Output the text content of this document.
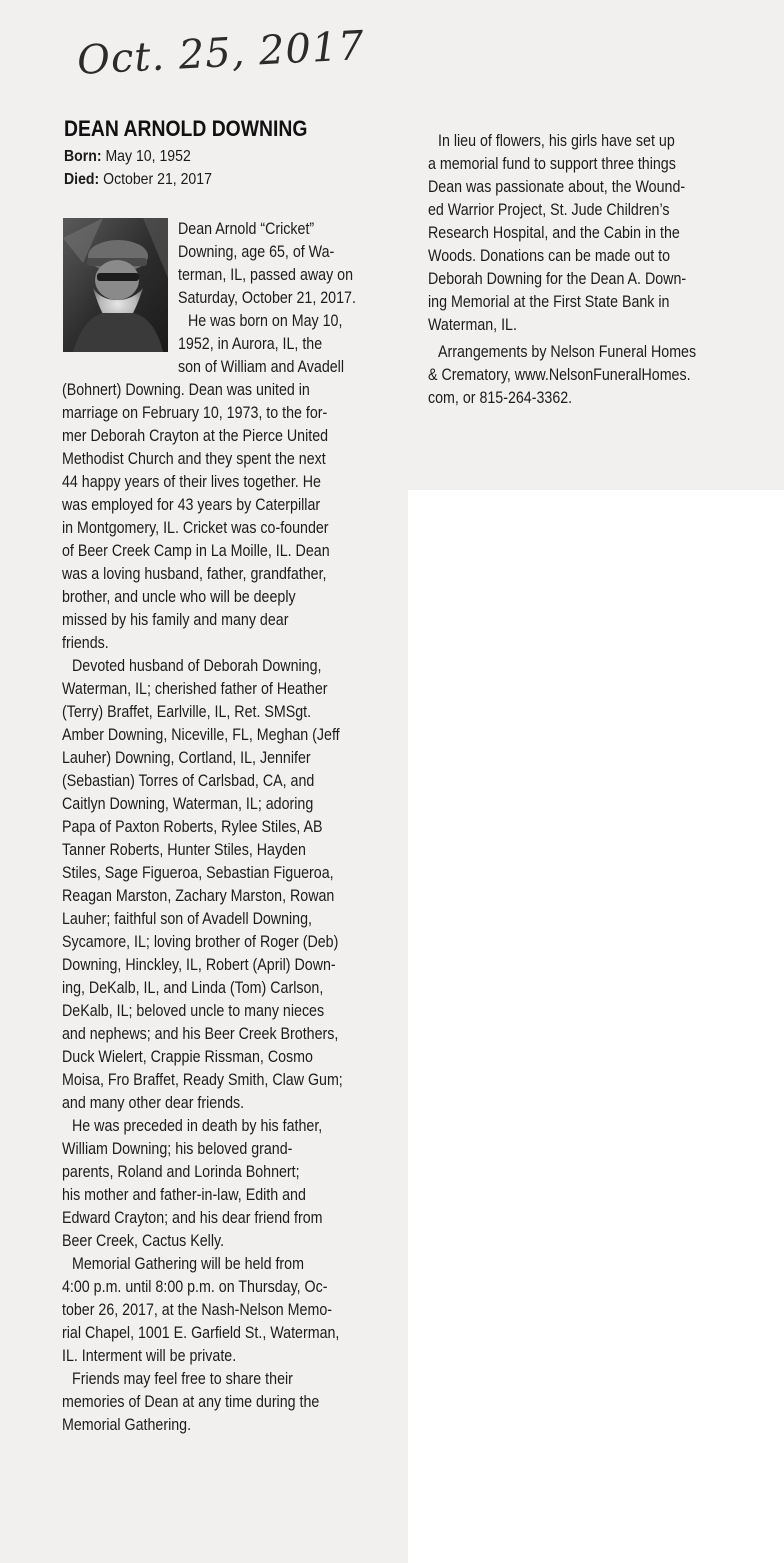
Oct. 25, 2017
DEAN ARNOLD DOWNING
Born: May 10, 1952
Died: October 21, 2017
Dean Arnold “Cricket”
Downing, age 65, of Wa-
terman, IL, passed away on
Saturday, October 21, 2017.
He was born on May 10,
1952, in Aurora, IL, the
son of William and Avadell
(Bohnert) Downing. Dean was united in
marriage on February 10, 1973, to the for-
mer Deborah Crayton at the Pierce United
Methodist Church and they spent the next
44 happy years of their lives together. He
was employed for 43 years by Caterpillar
in Montgomery, IL. Cricket was co-founder
of Beer Creek Camp in La Moille, IL. Dean
was a loving husband, father, grandfather,
brother, and uncle who will be deeply
missed by his family and many dear
friends.
Devoted husband of Deborah Downing,
Waterman, IL; cherished father of Heather
(Terry) Braffet, Earlville, IL, Ret. SMSgt.
Amber Downing, Niceville, FL, Meghan (Jeff
Lauher) Downing, Cortland, IL, Jennifer
(Sebastian) Torres of Carlsbad, CA, and
Caitlyn Downing, Waterman, IL; adoring
Papa of Paxton Roberts, Rylee Stiles, AB
Tanner Roberts, Hunter Stiles, Hayden
Stiles, Sage Figueroa, Sebastian Figueroa,
Reagan Marston, Zachary Marston, Rowan
Lauher; faithful son of Avadell Downing,
Sycamore, IL; loving brother of Roger (Deb)
Downing, Hinckley, IL, Robert (April) Down-
ing, DeKalb, IL, and Linda (Tom) Carlson,
DeKalb, IL; beloved uncle to many nieces
and nephews; and his Beer Creek Brothers,
Duck Wielert, Crappie Rissman, Cosmo
Moisa, Fro Braffet, Ready Smith, Claw Gum;
and many other dear friends.
He was preceded in death by his father,
William Downing; his beloved grand-
parents, Roland and Lorinda Bohnert;
his mother and father-in-law, Edith and
Edward Crayton; and his dear friend from
Beer Creek, Cactus Kelly.
Memorial Gathering will be held from
4:00 p.m. until 8:00 p.m. on Thursday, Oc-
tober 26, 2017, at the Nash-Nelson Memo-
rial Chapel, 1001 E. Garfield St., Waterman,
IL. Interment will be private.
Friends may feel free to share their
memories of Dean at any time during the
Memorial Gathering.
In lieu of flowers, his girls have set up
a memorial fund to support three things
Dean was passionate about, the Wound-
ed Warrior Project, St. Jude Children’s
Research Hospital, and the Cabin in the
Woods. Donations can be made out to
Deborah Downing for the Dean A. Down-
ing Memorial at the First State Bank in
Waterman, IL.
Arrangements by Nelson Funeral Homes
& Crematory, www.NelsonFuneralHomes.
com, or 815-264-3362.
